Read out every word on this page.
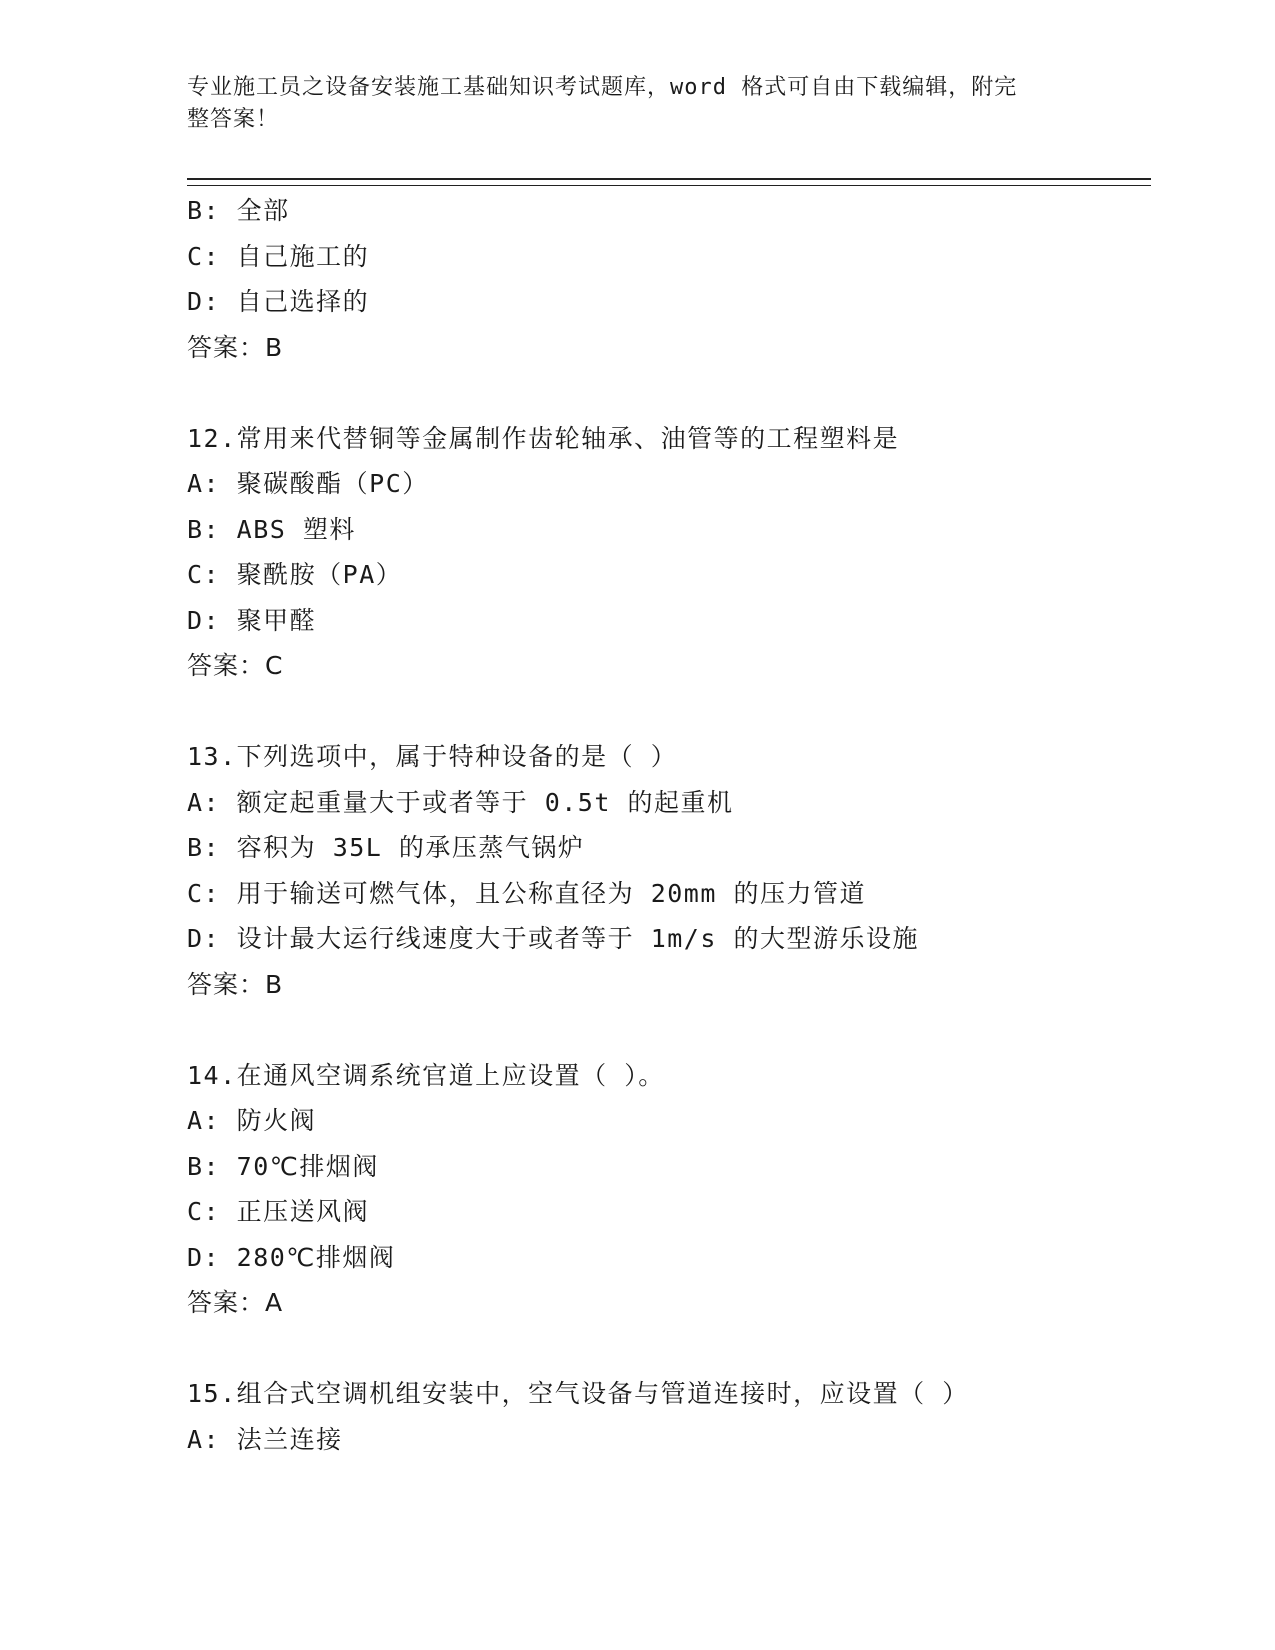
专业施工员之设备安装施工基础知识考试题库，word 格式可自由下载编辑，附完
整答案！
B: 全部
C: 自己施工的
D: 自己选择的
答案：B
12.常用来代替铜等金属制作齿轮轴承、油管等的工程塑料是
A: 聚碳酸酯（PC）
B: ABS 塑料
C: 聚酰胺（PA）
D: 聚甲醛
答案：C
13.下列选项中，属于特种设备的是（ ）
A: 额定起重量大于或者等于 0.5t 的起重机
B: 容积为 35L 的承压蒸气锅炉
C: 用于输送可燃气体，且公称直径为 20mm 的压力管道
D: 设计最大运行线速度大于或者等于 1m/s 的大型游乐设施
答案：B
14.在通风空调系统官道上应设置（ ）。
A: 防火阀
B: 70℃排烟阀
C: 正压送风阀
D: 280℃排烟阀
答案：A
15.组合式空调机组安装中，空气设备与管道连接时，应设置（ ）
A: 法兰连接
